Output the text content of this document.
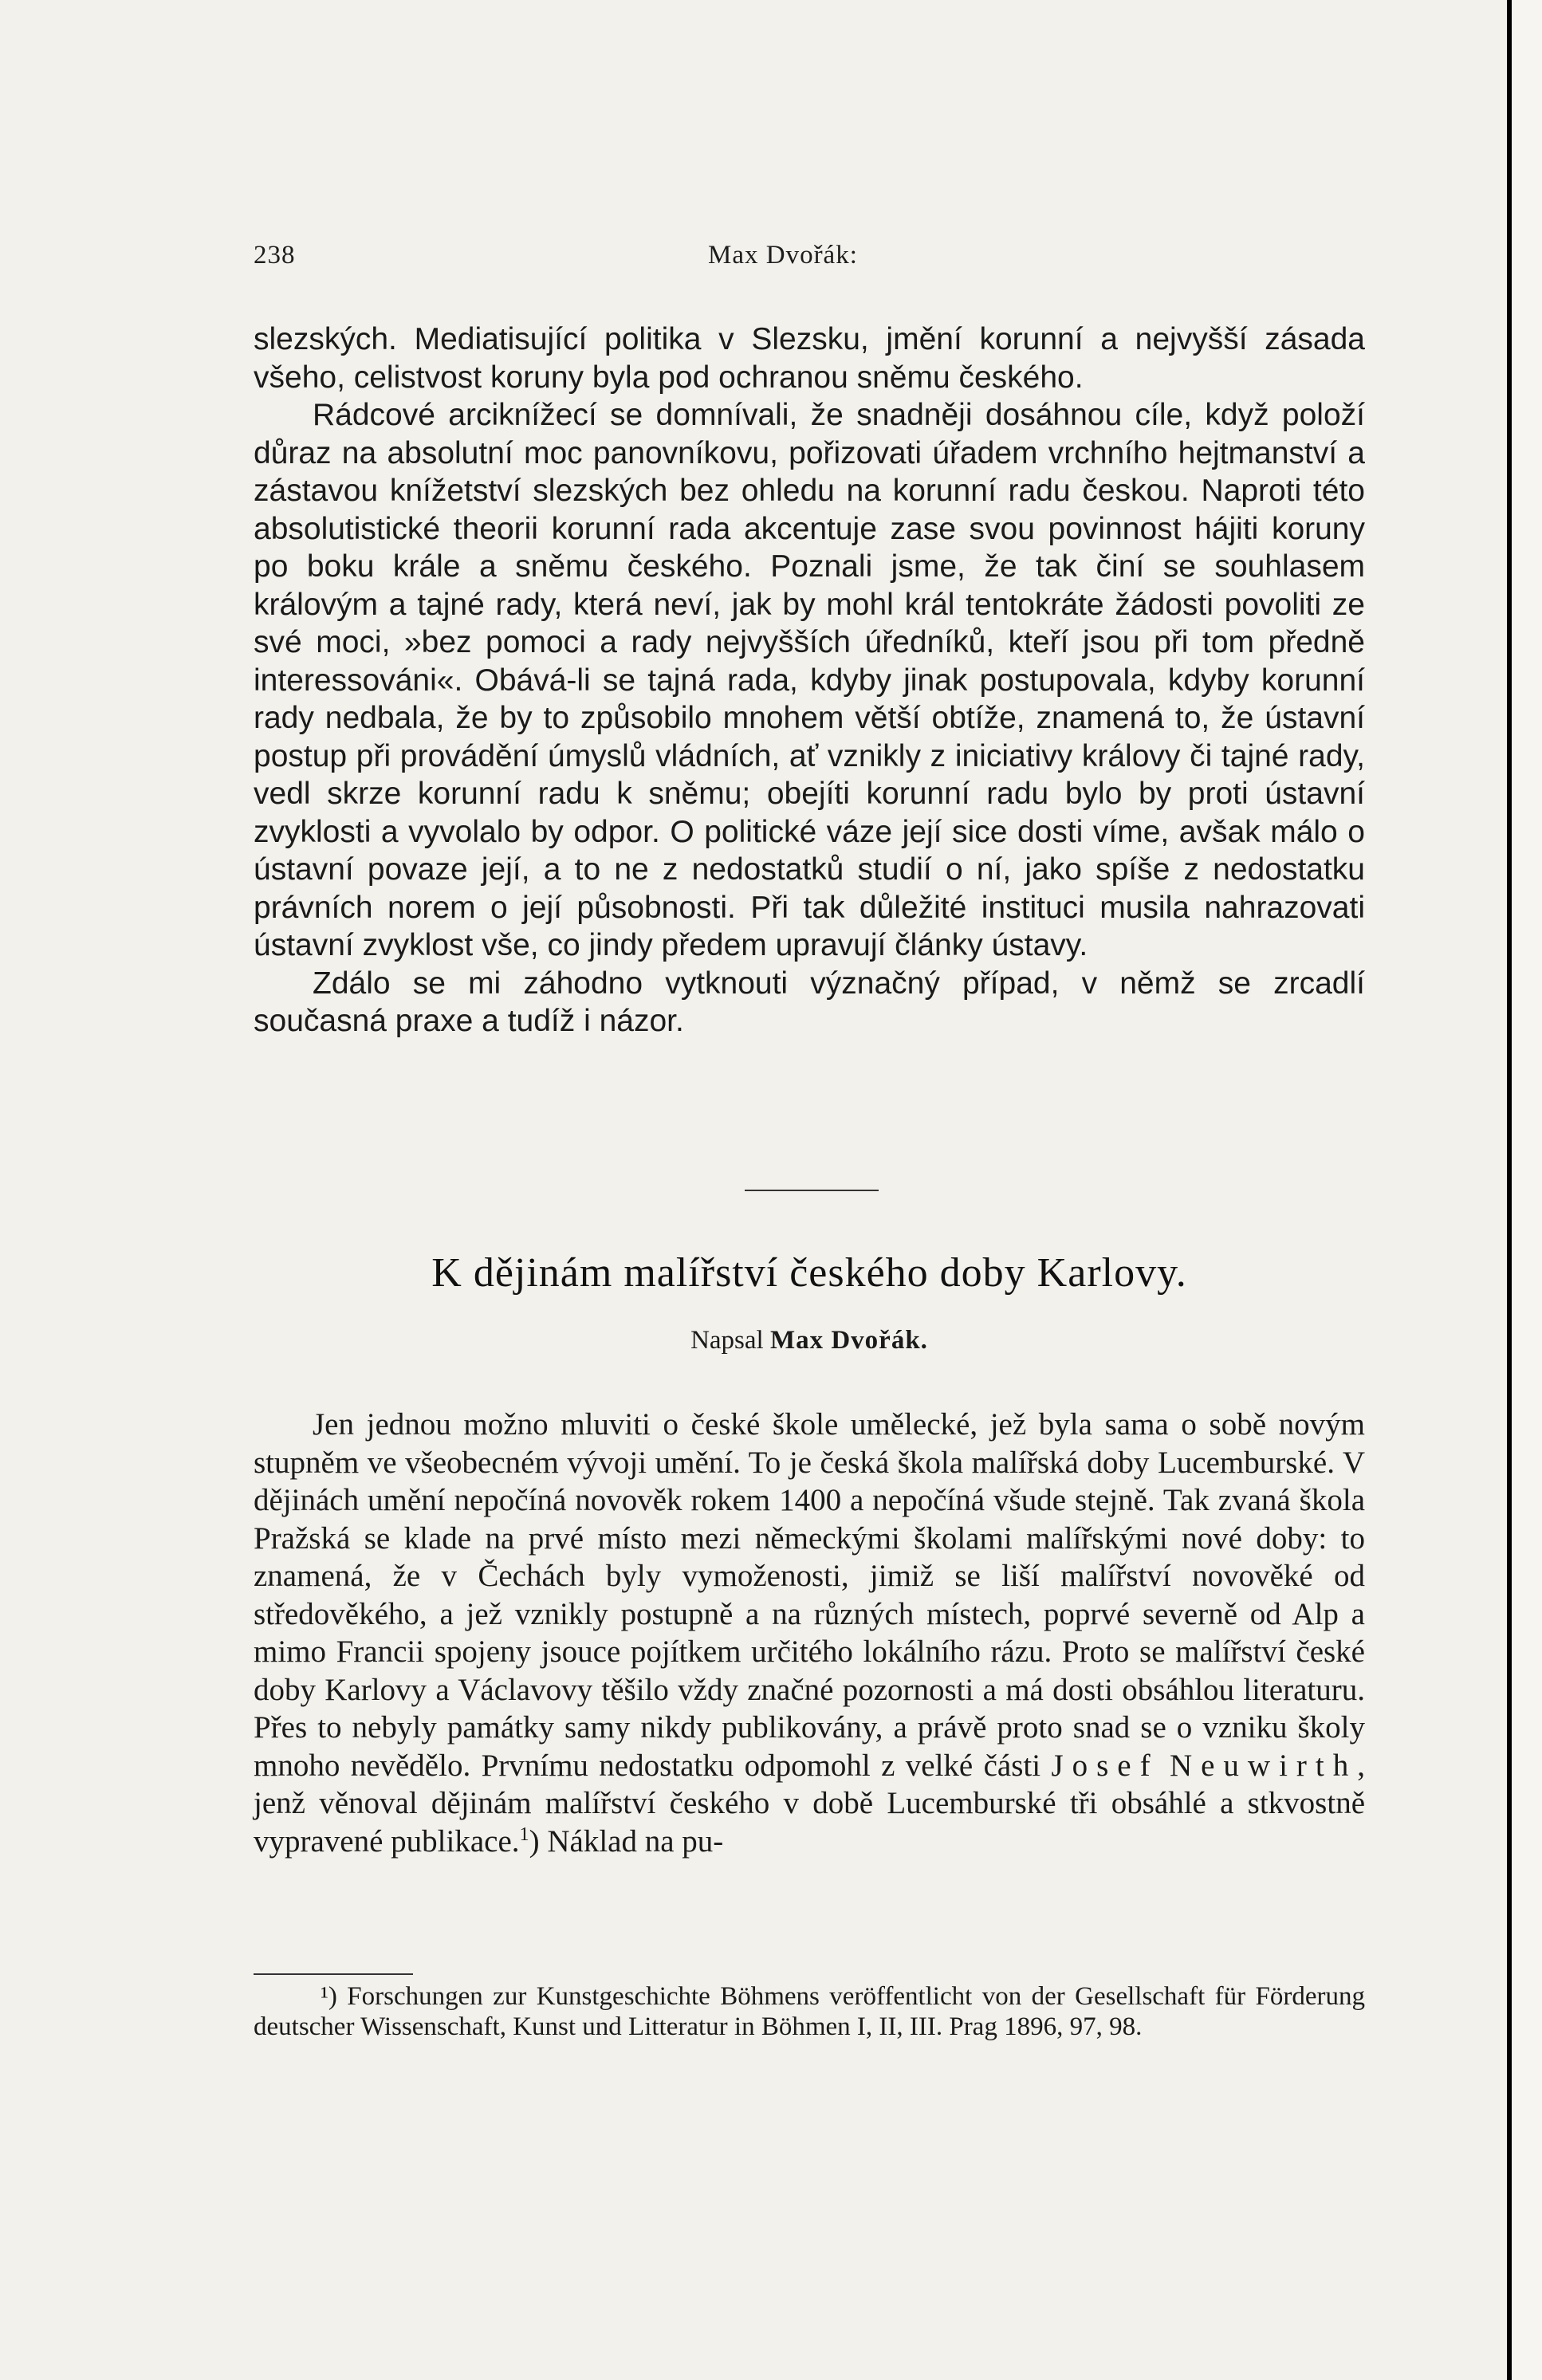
238	Max Dvořák:

slezských. Mediatisující politika v Slezsku, jmění korunní a nejvyšší zásada všeho, celistvost koruny byla pod ochranou sněmu českého.

Rádcové arciknížecí se domnívali, že snadněji dosáhnou cíle, když položí důraz na absolutní moc panovníkovu, pořizovati úřadem vrchního hejtmanství a zástavou knížetství slezských bez ohledu na korunní radu českou. Naproti této absolutistické theorii korunní rada akcentuje zase svou povinnost hájiti koruny po boku krále a sněmu českého. Poznali jsme, že tak činí se souhlasem královým a tajné rady, která neví, jak by mohl král tentokráte žádosti povoliti ze své moci, »bez pomoci a rady nejvyšších úředníků, kteří jsou při tom předně interessováni«. Obává-li se tajná rada, kdyby jinak postupovala, kdyby korunní rady nedbala, že by to způsobilo mnohem větší obtíže, znamená to, že ústavní postup při provádění úmyslů vládních, ať vznikly z iniciativy královy či tajné rady, vedl skrze korunní radu k sněmu; obejíti korunní radu bylo by proti ústavní zvyklosti a vyvolalo by odpor. O politické váze její sice dosti víme, avšak málo o ústavní povaze její, a to ne z nedostatků studií o ní, jako spíše z nedostatku právních norem o její působnosti. Při tak důležité instituci musila nahrazovati ústavní zvyklost vše, co jindy předem upravují články ústavy.

Zdálo se mi záhodno vytknouti význačný případ, v němž se zrcadlí současná praxe a tudíž i názor.

K dějinám malířství českého doby Karlovy.
Napsal Max Dvořák.

Jen jednou možno mluviti o české škole umělecké, jež byla sama o sobě novým stupněm ve všeobecném vývoji umění. To je česká škola malířská doby Lucemburské. V dějinách umění nepočíná novověk rokem 1400 a nepočíná všude stejně. Tak zvaná škola Pražská se klade na prvé místo mezi německými školami malířskými nové doby: to znamená, že v Čechách byly vymoženosti, jimiž se liší malířství novověké od středověkého, a jež vznikly postupně a na různých místech, poprvé severně od Alp a mimo Francii spojeny jsouce pojítkem určitého lokálního rázu. Proto se malířství české doby Karlovy a Václavovy těšilo vždy značné pozornosti a má dosti obsáhlou literaturu. Přes to nebyly památky samy nikdy publikovány, a právě proto snad se o vzniku školy mnoho nevědělo. Prvnímu nedostatku odpomohl z velké části Josef Neuwirth, jenž věnoval dějinám malířství českého v době Lucemburské tři obsáhlé a stkvostně vypravené publikace.$^1$) Náklad na pu-

¹) Forschungen zur Kunstgeschichte Böhmens veröffentlicht von der Gesellschaft für Förderung deutscher Wissenschaft, Kunst und Litteratur in Böhmen I, II, III. Prag 1896, 97, 98.
